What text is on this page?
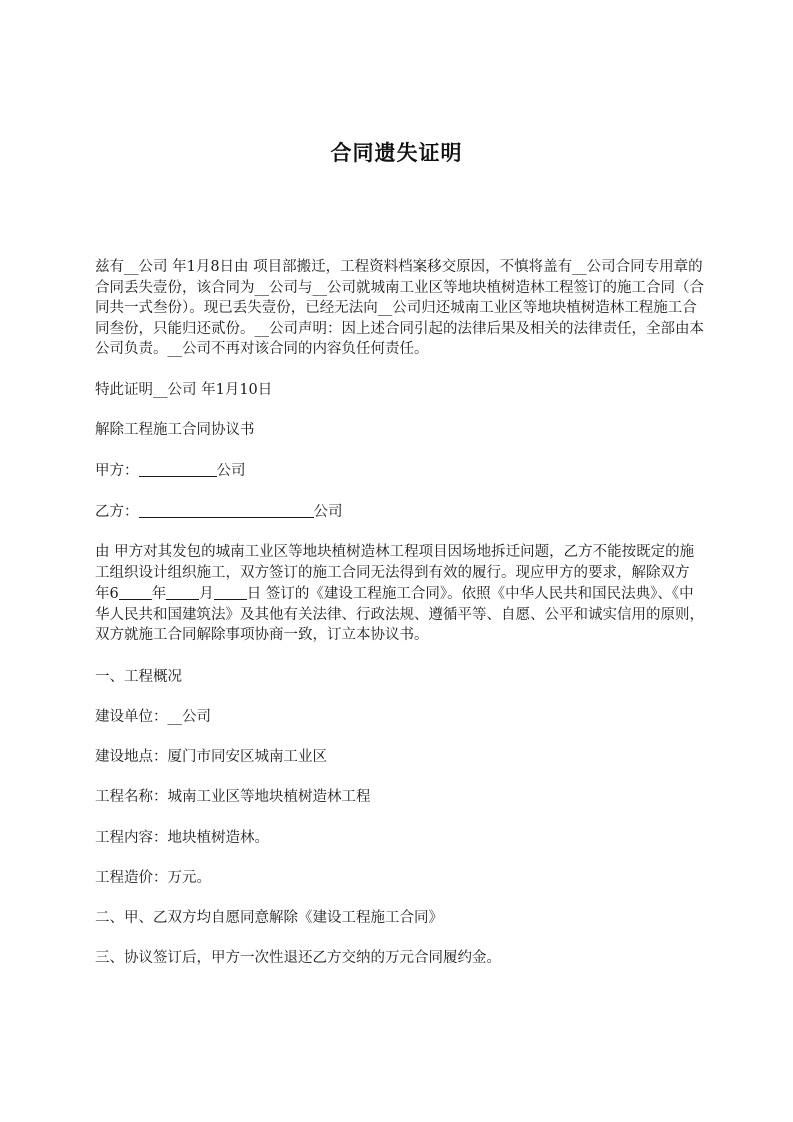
合同遗失证明

兹有__公司 年1月8日由 项目部搬迁，工程资料档案移交原因，不慎将盖有__公司合同专用章的合同丢失壹份，该合同为__公司与__公司就城南工业区等地块植树造林工程签订的施工合同（合同共一式叁份）。现已丢失壹份，已经无法向__公司归还城南工业区等地块植树造林工程施工合同叁份，只能归还贰份。__公司声明：因上述合同引起的法律后果及相关的法律责任，全部由本公司负责。__公司不再对该合同的内容负任何责任。

特此证明__公司 年1月10日

解除工程施工合同协议书

甲方：	公司

乙方：	公司

由 甲方对其发包的城南工业区等地块植树造林工程项目因场地拆迁问题，乙方不能按既定的施工组织设计组织施工，双方签订的施工合同无法得到有效的履行。现应甲方的要求，解除双方 年6 年 月 日 签订的《建设工程施工合同》。依照《中华人民共和国民法典》、《中华人民共和国建筑法》及其他有关法律、行政法规、遵循平等、自愿、公平和诚实信用的原则，双方就施工合同解除事项协商一致，订立本协议书。

一、工程概况

建设单位：__公司

建设地点：厦门市同安区城南工业区

工程名称：城南工业区等地块植树造林工程

工程内容：地块植树造林。

工程造价：万元。

二、甲、乙双方均自愿同意解除《建设工程施工合同》

三、协议签订后，甲方一次性退还乙方交纳的万元合同履约金。
